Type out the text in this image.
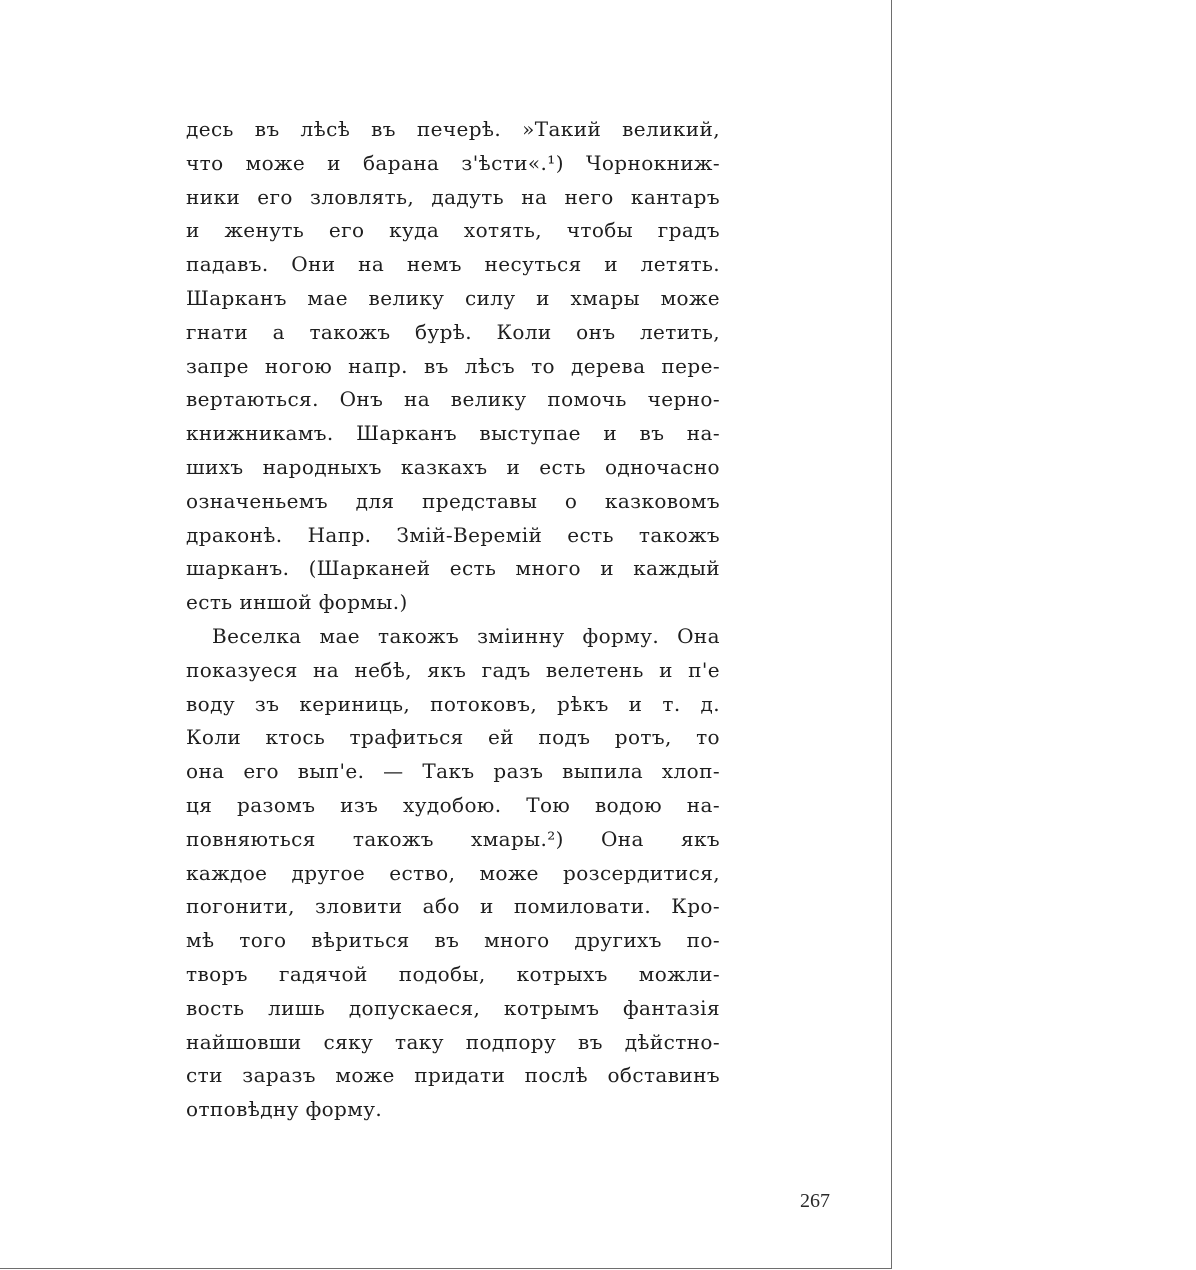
десь въ лѣсѣ въ печерѣ. »Такий великий,
что може и барана з'ѣсти«.¹) Чорнокниж-
ники его зловлять, дадуть на него кантаръ
и женуть его куда хотять, чтобы градъ
падавъ. Они на немъ несуться и летять.
Шарканъ мае велику силу и хмары може
гнати а такожъ бурѣ. Коли онъ летить,
запре ногою напр. въ лѣсъ то дерева пере-
вертаються. Онъ на велику помочь черно-
книжникамъ. Шарканъ выступае и въ на-
шихъ народныхъ казкахъ и есть одночасно
означеньемъ для представы о казковомъ
драконѣ. Напр. Змій-Веремій есть такожъ
шарканъ. (Шарканей есть много и каждый
есть иншой формы.)
Веселка мае такожъ змiинну форму. Она
показуеся на небѣ, якъ гадъ велетень и п'е
воду зъ кериниць, потоковъ, рѣкъ и т. д.
Коли ктось трафиться ей подъ ротъ, то
она его вып'е. — Такъ разъ выпила хлоп-
ця разомъ изъ худобою. Тою водою на-
повняються такожъ хмары.²) Она якъ
каждое другое ество, може розсердитися,
погонити, зловити або и помиловати. Кро-
мѣ того вѣриться въ много другихъ по-
творъ гадячой подобы, котрыхъ можли-
вость лишь допускаеся, котрымъ фантазія
найшовши сяку таку подпору въ дѣйстно-
сти заразъ може придати послѣ обставинъ
отповѣдну форму.
267
